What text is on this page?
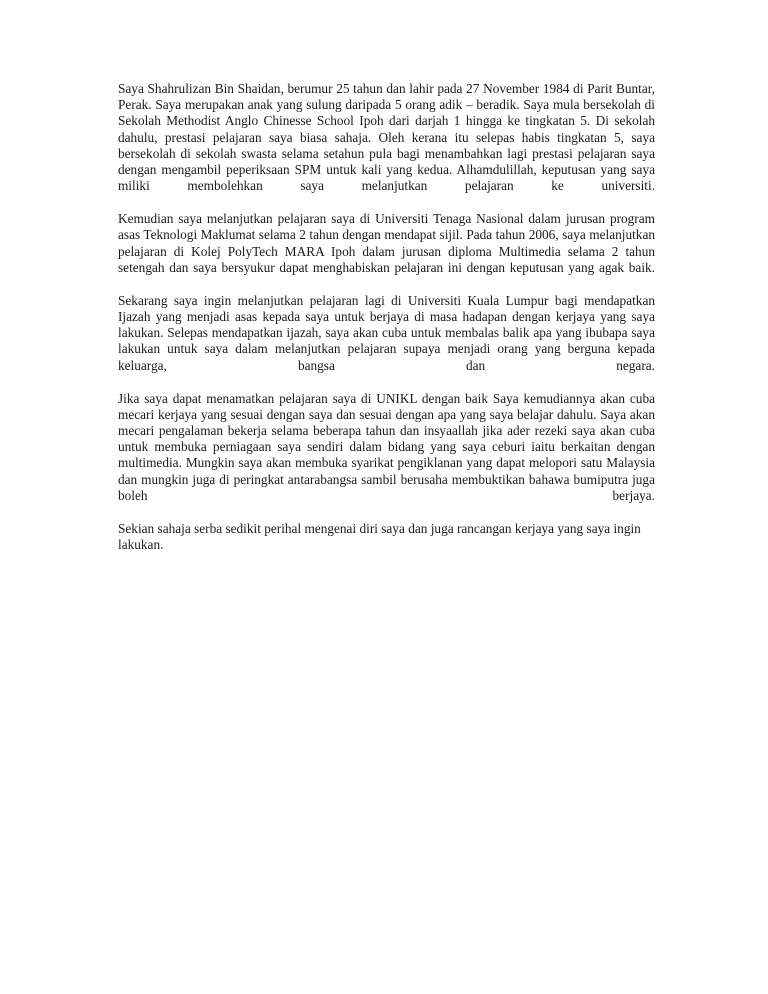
Saya Shahrulizan Bin Shaidan, berumur 25 tahun dan lahir pada 27 November 1984 di Parit Buntar, Perak. Saya merupakan anak yang sulung daripada 5 orang adik – beradik. Saya mula bersekolah di Sekolah Methodist Anglo Chinesse School Ipoh dari darjah 1 hingga ke tingkatan 5. Di sekolah dahulu, prestasi pelajaran saya biasa sahaja. Oleh kerana itu selepas habis tingkatan 5, saya bersekolah di sekolah swasta selama setahun pula bagi menambahkan lagi prestasi pelajaran saya dengan mengambil peperiksaan SPM untuk kali yang kedua. Alhamdulillah, keputusan yang saya miliki membolehkan saya melanjutkan pelajaran ke universiti.

Kemudian saya melanjutkan pelajaran saya di Universiti Tenaga Nasional dalam jurusan program asas Teknologi Maklumat selama 2 tahun dengan mendapat sijil. Pada tahun 2006, saya melanjutkan pelajaran di Kolej PolyTech MARA Ipoh dalam jurusan diploma Multimedia selama 2 tahun setengah dan saya bersyukur dapat menghabiskan pelajaran ini dengan keputusan yang agak baik.

Sekarang saya ingin melanjutkan pelajaran lagi di Universiti Kuala Lumpur bagi mendapatkan Ijazah yang menjadi asas kepada saya untuk berjaya di masa hadapan dengan kerjaya yang saya lakukan. Selepas mendapatkan ijazah, saya akan cuba untuk membalas balik apa yang ibubapa saya lakukan untuk saya dalam melanjutkan pelajaran supaya menjadi orang yang berguna kepada keluarga, bangsa dan negara.

Jika saya dapat menamatkan pelajaran saya di UNIKL dengan baik Saya kemudiannya akan cuba mecari kerjaya yang sesuai dengan saya dan sesuai dengan apa yang saya belajar dahulu. Saya akan mecari pengalaman bekerja selama beberapa tahun dan insyaallah jika ader rezeki saya akan cuba untuk membuka perniagaan saya sendiri dalam bidang yang saya ceburi iaitu berkaitan dengan multimedia. Mungkin saya akan membuka syarikat pengiklanan yang dapat melopori satu Malaysia dan mungkin juga di peringkat antarabangsa sambil berusaha membuktikan bahawa bumiputra juga boleh berjaya.

Sekian sahaja serba sedikit perihal mengenai diri saya dan juga rancangan kerjaya yang saya ingin lakukan.
